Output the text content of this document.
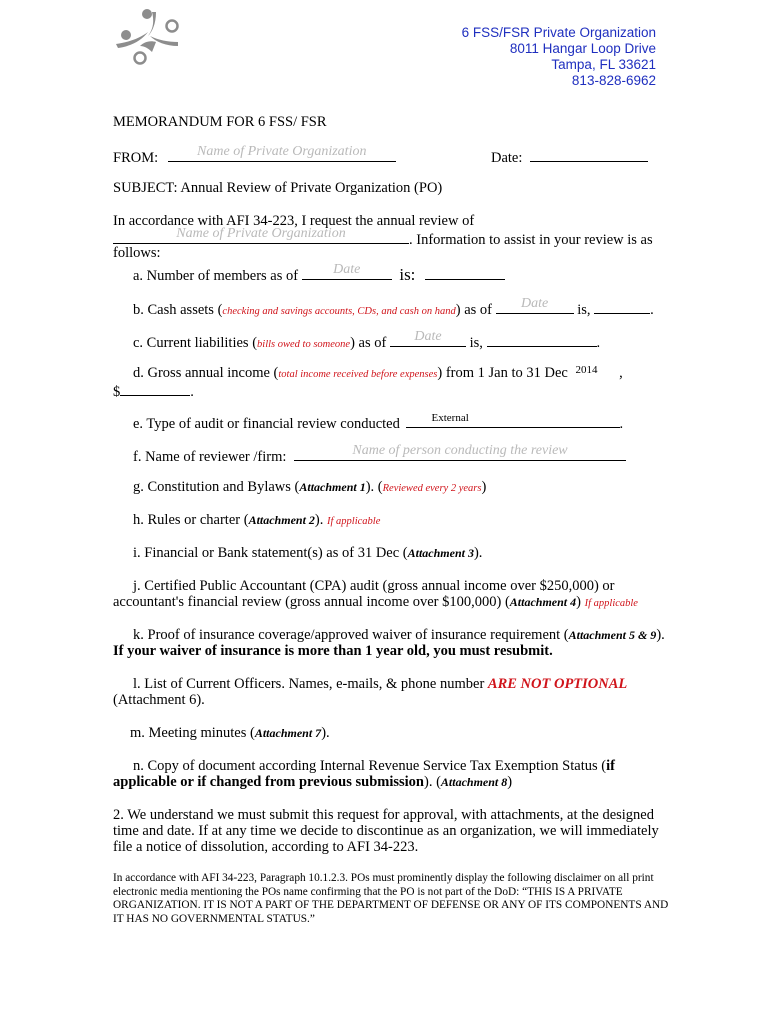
6 FSS/FSR Private Organization
8011 Hangar Loop Drive
Tampa, FL 33621
813-828-6962
MEMORANDUM FOR 6 FSS/ FSR
FROM:	Name of Private Organization	Date:
SUBJECT: Annual Review of Private Organization (PO)
In accordance with AFI 34-223, I request the annual review of
Name of Private Organization	. Information to assist in your review is as
follows:
a. Number of members as of	Date	is:
b. Cash assets (checking and savings accounts, CDs, and cash on hand) as of	Date	is,	.
c. Current liabilities (bills owed to someone) as of	Date	is,	.
d. Gross annual income (total income received before expenses) from 1 Jan to 31 Dec $^{2014}$ ,
$	.
e. Type of audit or financial review conducted	External	.
f. Name of reviewer /firm:	Name of person conducting the review
g. Constitution and Bylaws (Attachment 1). (Reviewed every 2 years)
h. Rules or charter (Attachment 2). If applicable
i. Financial or Bank statement(s) as of 31 Dec (Attachment 3).
j. Certified Public Accountant (CPA) audit (gross annual income over $250,000) or
accountant's financial review (gross annual income over $100,000) (Attachment 4) If applicable
k. Proof of insurance coverage/approved waiver of insurance requirement (Attachment 5 & 9).
If your waiver of insurance is more than 1 year old, you must resubmit.
l. List of Current Officers. Names, e-mails, & phone number ARE NOT OPTIONAL
(Attachment 6).
m. Meeting minutes (Attachment 7).
n. Copy of document according Internal Revenue Service Tax Exemption Status (if
applicable or if changed from previous submission). (Attachment 8)
2. We understand we must submit this request for approval, with attachments, at the designed
time and date. If at any time we decide to discontinue as an organization, we will immediately
file a notice of dissolution, according to AFI 34-223.
In accordance with AFI 34-223, Paragraph 10.1.2.3. POs must prominently display the following disclaimer on all print electronic media mentioning the POs name confirming that the PO is not part of the DoD: “THIS IS A PRIVATE ORGANIZATION. IT IS NOT A PART OF THE DEPARTMENT OF DEFENSE OR ANY OF ITS COMPONENTS AND IT HAS NO GOVERNMENTAL STATUS.”
